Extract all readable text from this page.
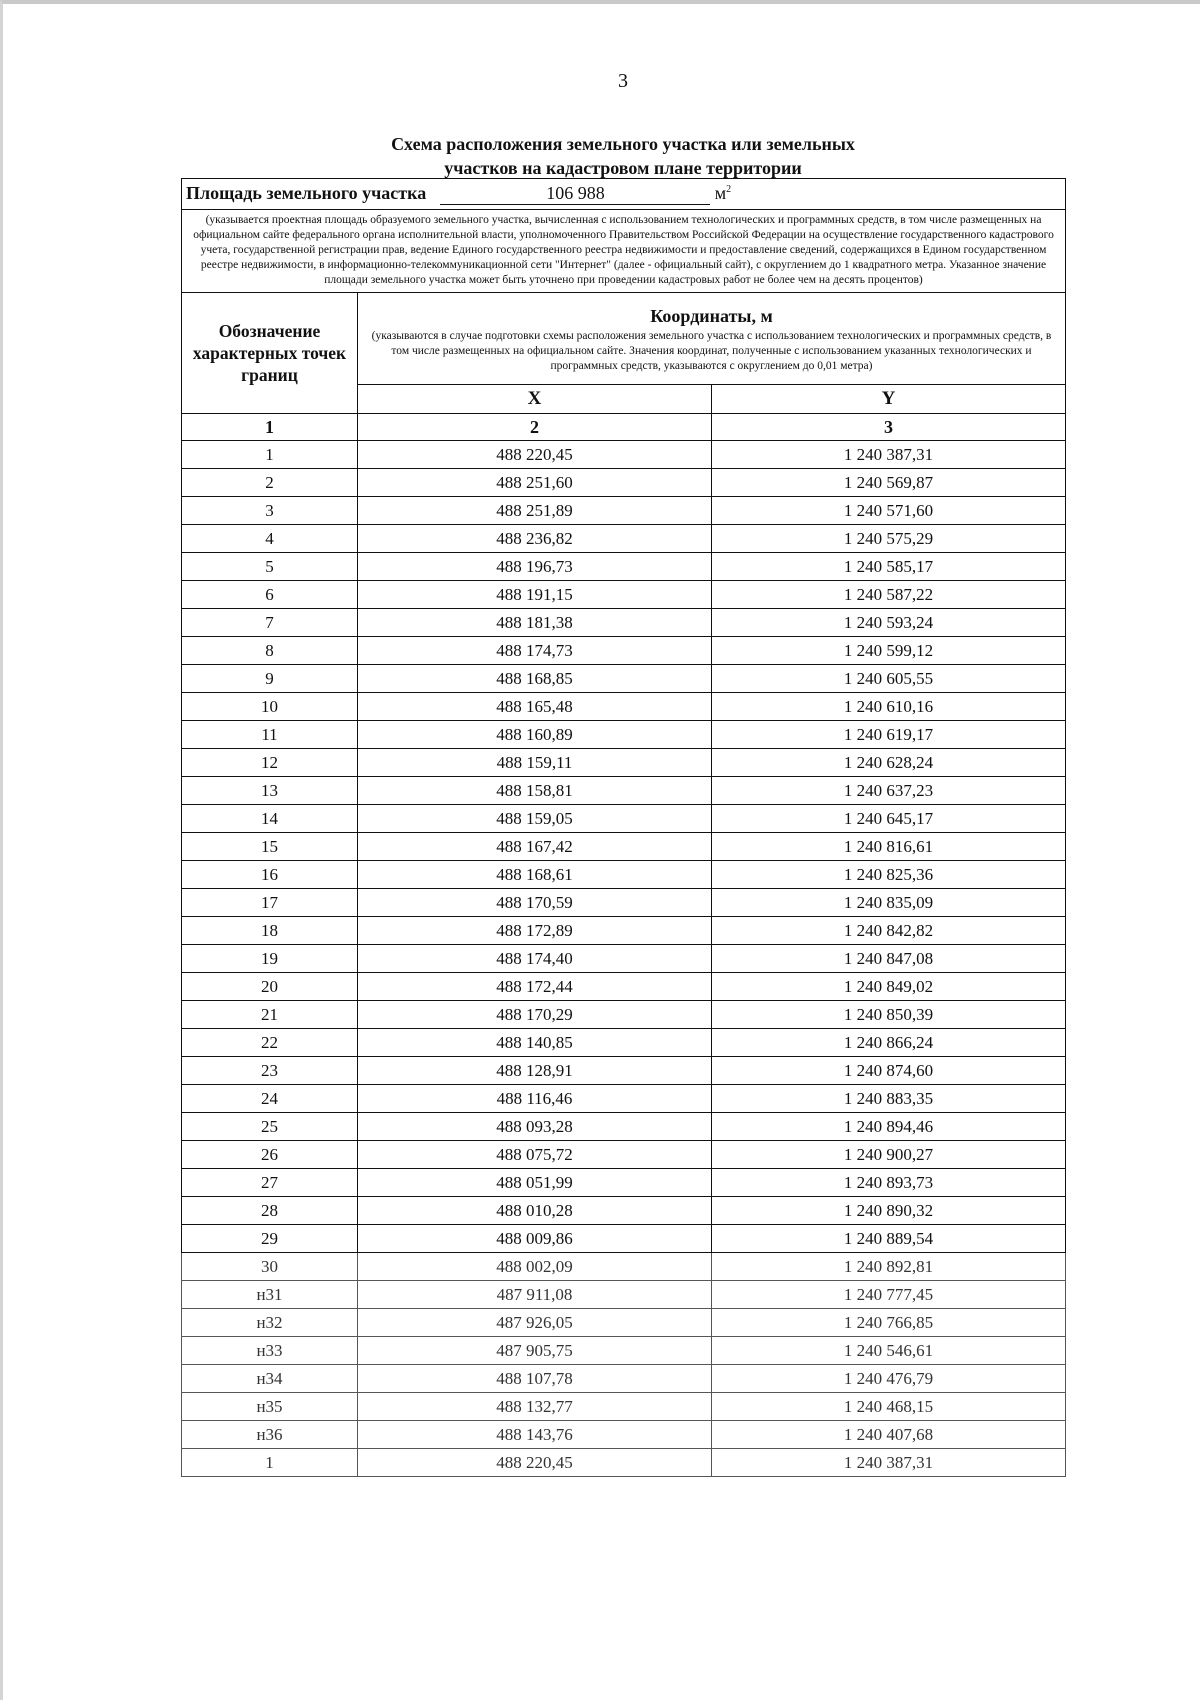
3
Схема расположения земельного участка или земельных
участков на кадастровом плане территории
Площадь земельного участка 106 988 $м^2$
(указывается проектная площадь образуемого земельного участка, вычисленная с использованием технологических и программных средств, в том числе размещенных на официальном сайте федерального органа исполнительной власти, уполномоченного Правительством Российской Федерации на осуществление государственного кадастрового учета, государственной регистрации прав, ведение Единого государственного реестра недвижимости и предоставление сведений, содержащихся в Едином государственном реестре недвижимости, в информационно-телекоммуникационной сети "Интернет" (далее - официальный сайт), с округлением до 1 квадратного метра. Указанное значение площади земельного участка может быть уточнено при проведении кадастровых работ не более чем на десять процентов)		
Обозначение характерных точек границ	Координаты, м
(указываются в случае подготовки схемы расположения земельного участка с использованием технологических и программных средств, в том числе размещенных на официальном сайте. Значения координат, полученные с использованием указанных технологических и программных средств, указываются с округлением до 0,01 метра)	

	X	Y
1	2	3
1	488 220,45	1 240 387,31
2	488 251,60	1 240 569,87
3	488 251,89	1 240 571,60
4	488 236,82	1 240 575,29
5	488 196,73	1 240 585,17
6	488 191,15	1 240 587,22
7	488 181,38	1 240 593,24
8	488 174,73	1 240 599,12
9	488 168,85	1 240 605,55
10	488 165,48	1 240 610,16
11	488 160,89	1 240 619,17
12	488 159,11	1 240 628,24
13	488 158,81	1 240 637,23
14	488 159,05	1 240 645,17
15	488 167,42	1 240 816,61
16	488 168,61	1 240 825,36
17	488 170,59	1 240 835,09
18	488 172,89	1 240 842,82
19	488 174,40	1 240 847,08
20	488 172,44	1 240 849,02
21	488 170,29	1 240 850,39
22	488 140,85	1 240 866,24
23	488 128,91	1 240 874,60
24	488 116,46	1 240 883,35
25	488 093,28	1 240 894,46
26	488 075,72	1 240 900,27
27	488 051,99	1 240 893,73
28	488 010,28	1 240 890,32
29	488 009,86	1 240 889,54
30	488 002,09	1 240 892,81
н31	487 911,08	1 240 777,45
н32	487 926,05	1 240 766,85
н33	487 905,75	1 240 546,61
н34	488 107,78	1 240 476,79
н35	488 132,77	1 240 468,15
н36	488 143,76	1 240 407,68
1	488 220,45	1 240 387,31
